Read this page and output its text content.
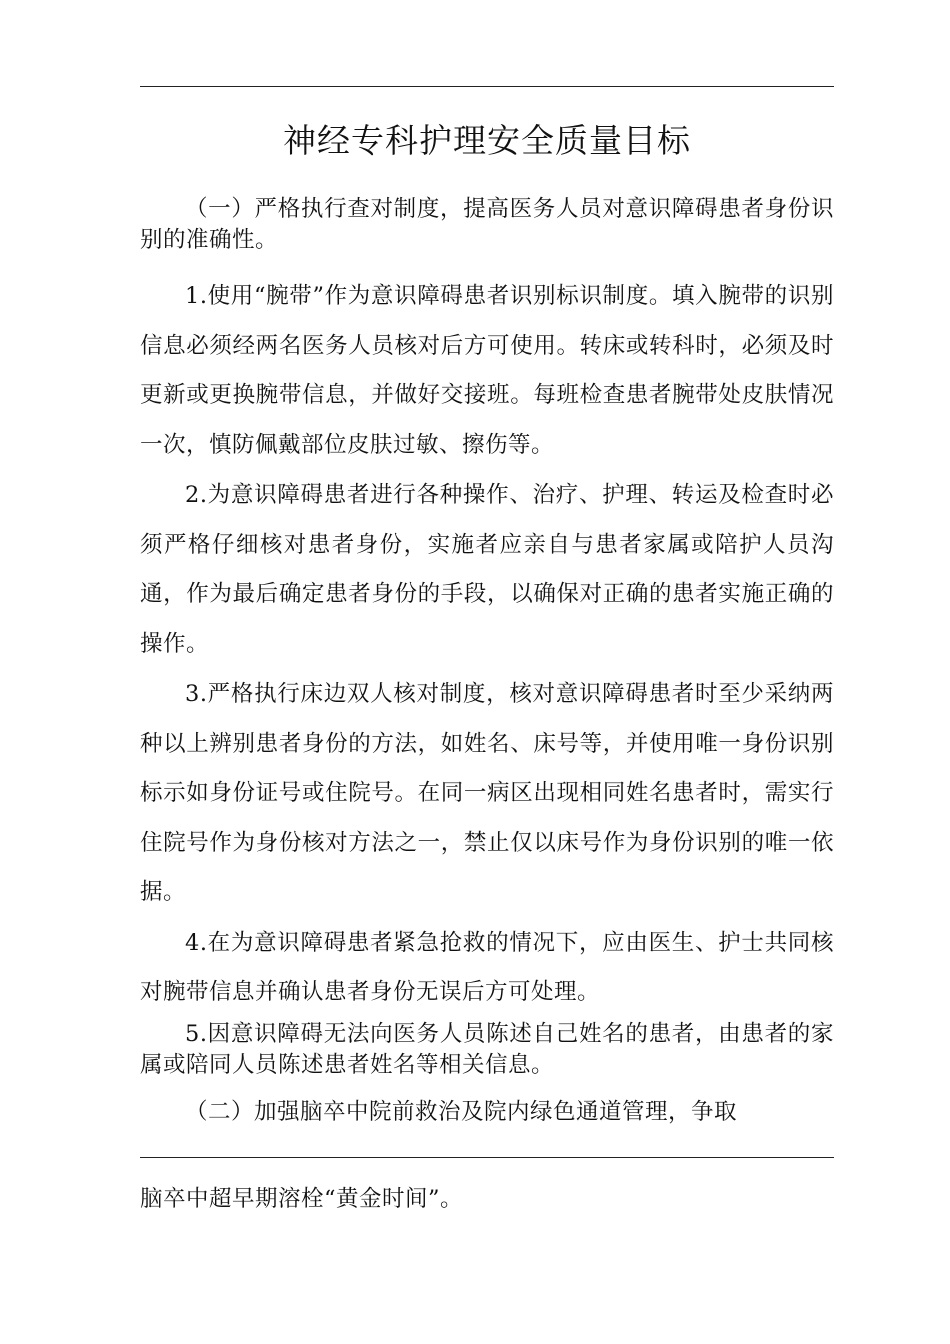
神经专科护理安全质量目标

（一）严格执行查对制度，提高医务人员对意识障碍患者身份识别的准确性。

1.使用“腕带”作为意识障碍患者识别标识制度。填入腕带的识别信息必须经两名医务人员核对后方可使用。转床或转科时，必须及时更新或更换腕带信息，并做好交接班。每班检查患者腕带处皮肤情况一次，慎防佩戴部位皮肤过敏、擦伤等。

2.为意识障碍患者进行各种操作、治疗、护理、转运及检查时必须严格仔细核对患者身份，实施者应亲自与患者家属或陪护人员沟通，作为最后确定患者身份的手段，以确保对正确的患者实施正确的操作。

3.严格执行床边双人核对制度，核对意识障碍患者时至少采纳两种以上辨别患者身份的方法，如姓名、床号等，并使用唯一身份识别标示如身份证号或住院号。在同一病区出现相同姓名患者时，需实行住院号作为身份核对方法之一，禁止仅以床号作为身份识别的唯一依据。

4.在为意识障碍患者紧急抢救的情况下，应由医生、护士共同核对腕带信息并确认患者身份无误后方可处理。

5.因意识障碍无法向医务人员陈述自己姓名的患者，由患者的家属或陪同人员陈述患者姓名等相关信息。

（二）加强脑卒中院前救治及院内绿色通道管理，争取

脑卒中超早期溶栓“黄金时间”。
